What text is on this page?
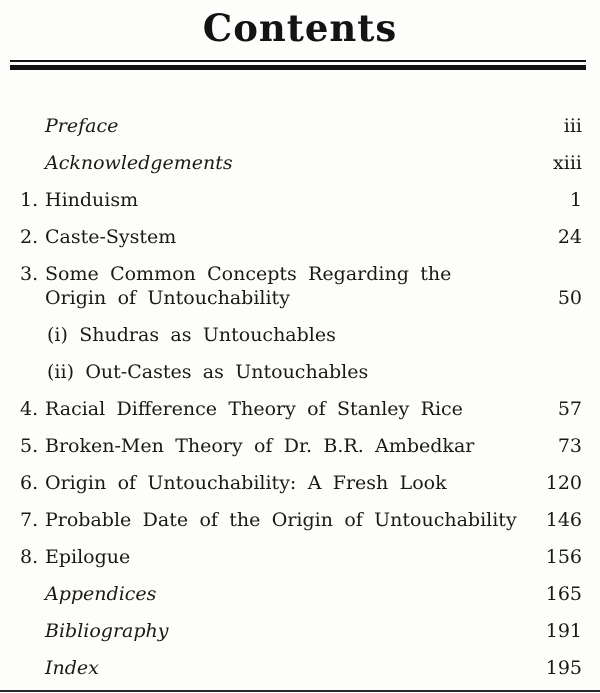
Contents
Preface	iii
Acknowledgements	xiii
1. Hinduism	1
2. Caste-System	24
3. Some Common Concepts Regarding the
Origin of Untouchability	50
(i) Shudras as Untouchables
(ii) Out-Castes as Untouchables
4. Racial Difference Theory of Stanley Rice	57
5. Broken-Men Theory of Dr. B.R. Ambedkar	73
6. Origin of Untouchability: A Fresh Look	120
7. Probable Date of the Origin of Untouchability	146
8. Epilogue	156
Appendices	165
Bibliography	191
Index	195
